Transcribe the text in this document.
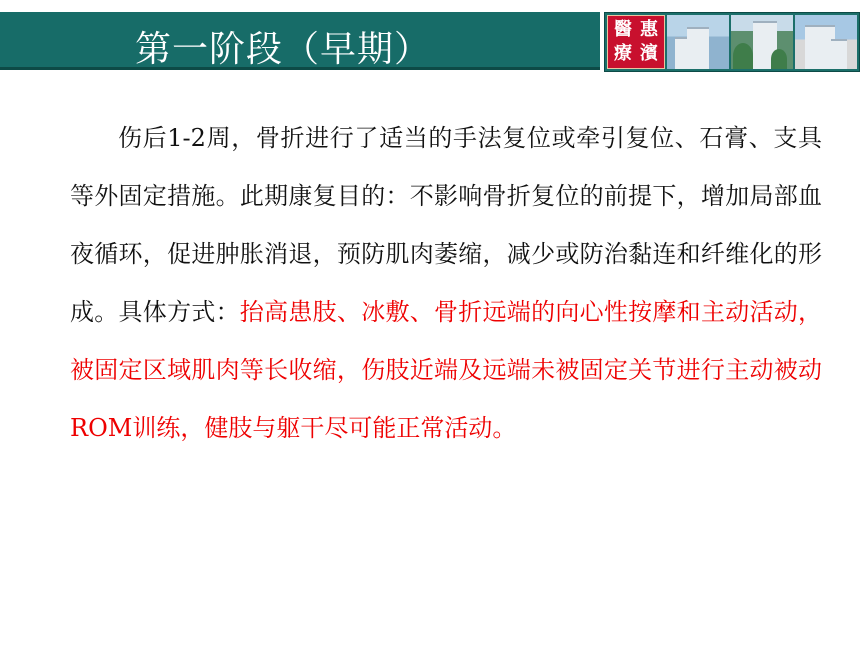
第一阶段（早期）	醫 惠
療 濱

伤后1-2周，骨折进行了适当的手法复位或牵引复位、石膏、支具等外固定措施。此期康复目的：不影响骨折复位的前提下，增加局部血夜循环，促进肿胀消退，预防肌肉萎缩，减少或防治黏连和纤维化的形成。具体方式：抬高患肢、冰敷、骨折远端的向心性按摩和主动活动，被固定区域肌肉等长收缩，伤肢近端及远端未被固定关节进行主动被动ROM训练，健肢与躯干尽可能正常活动。
